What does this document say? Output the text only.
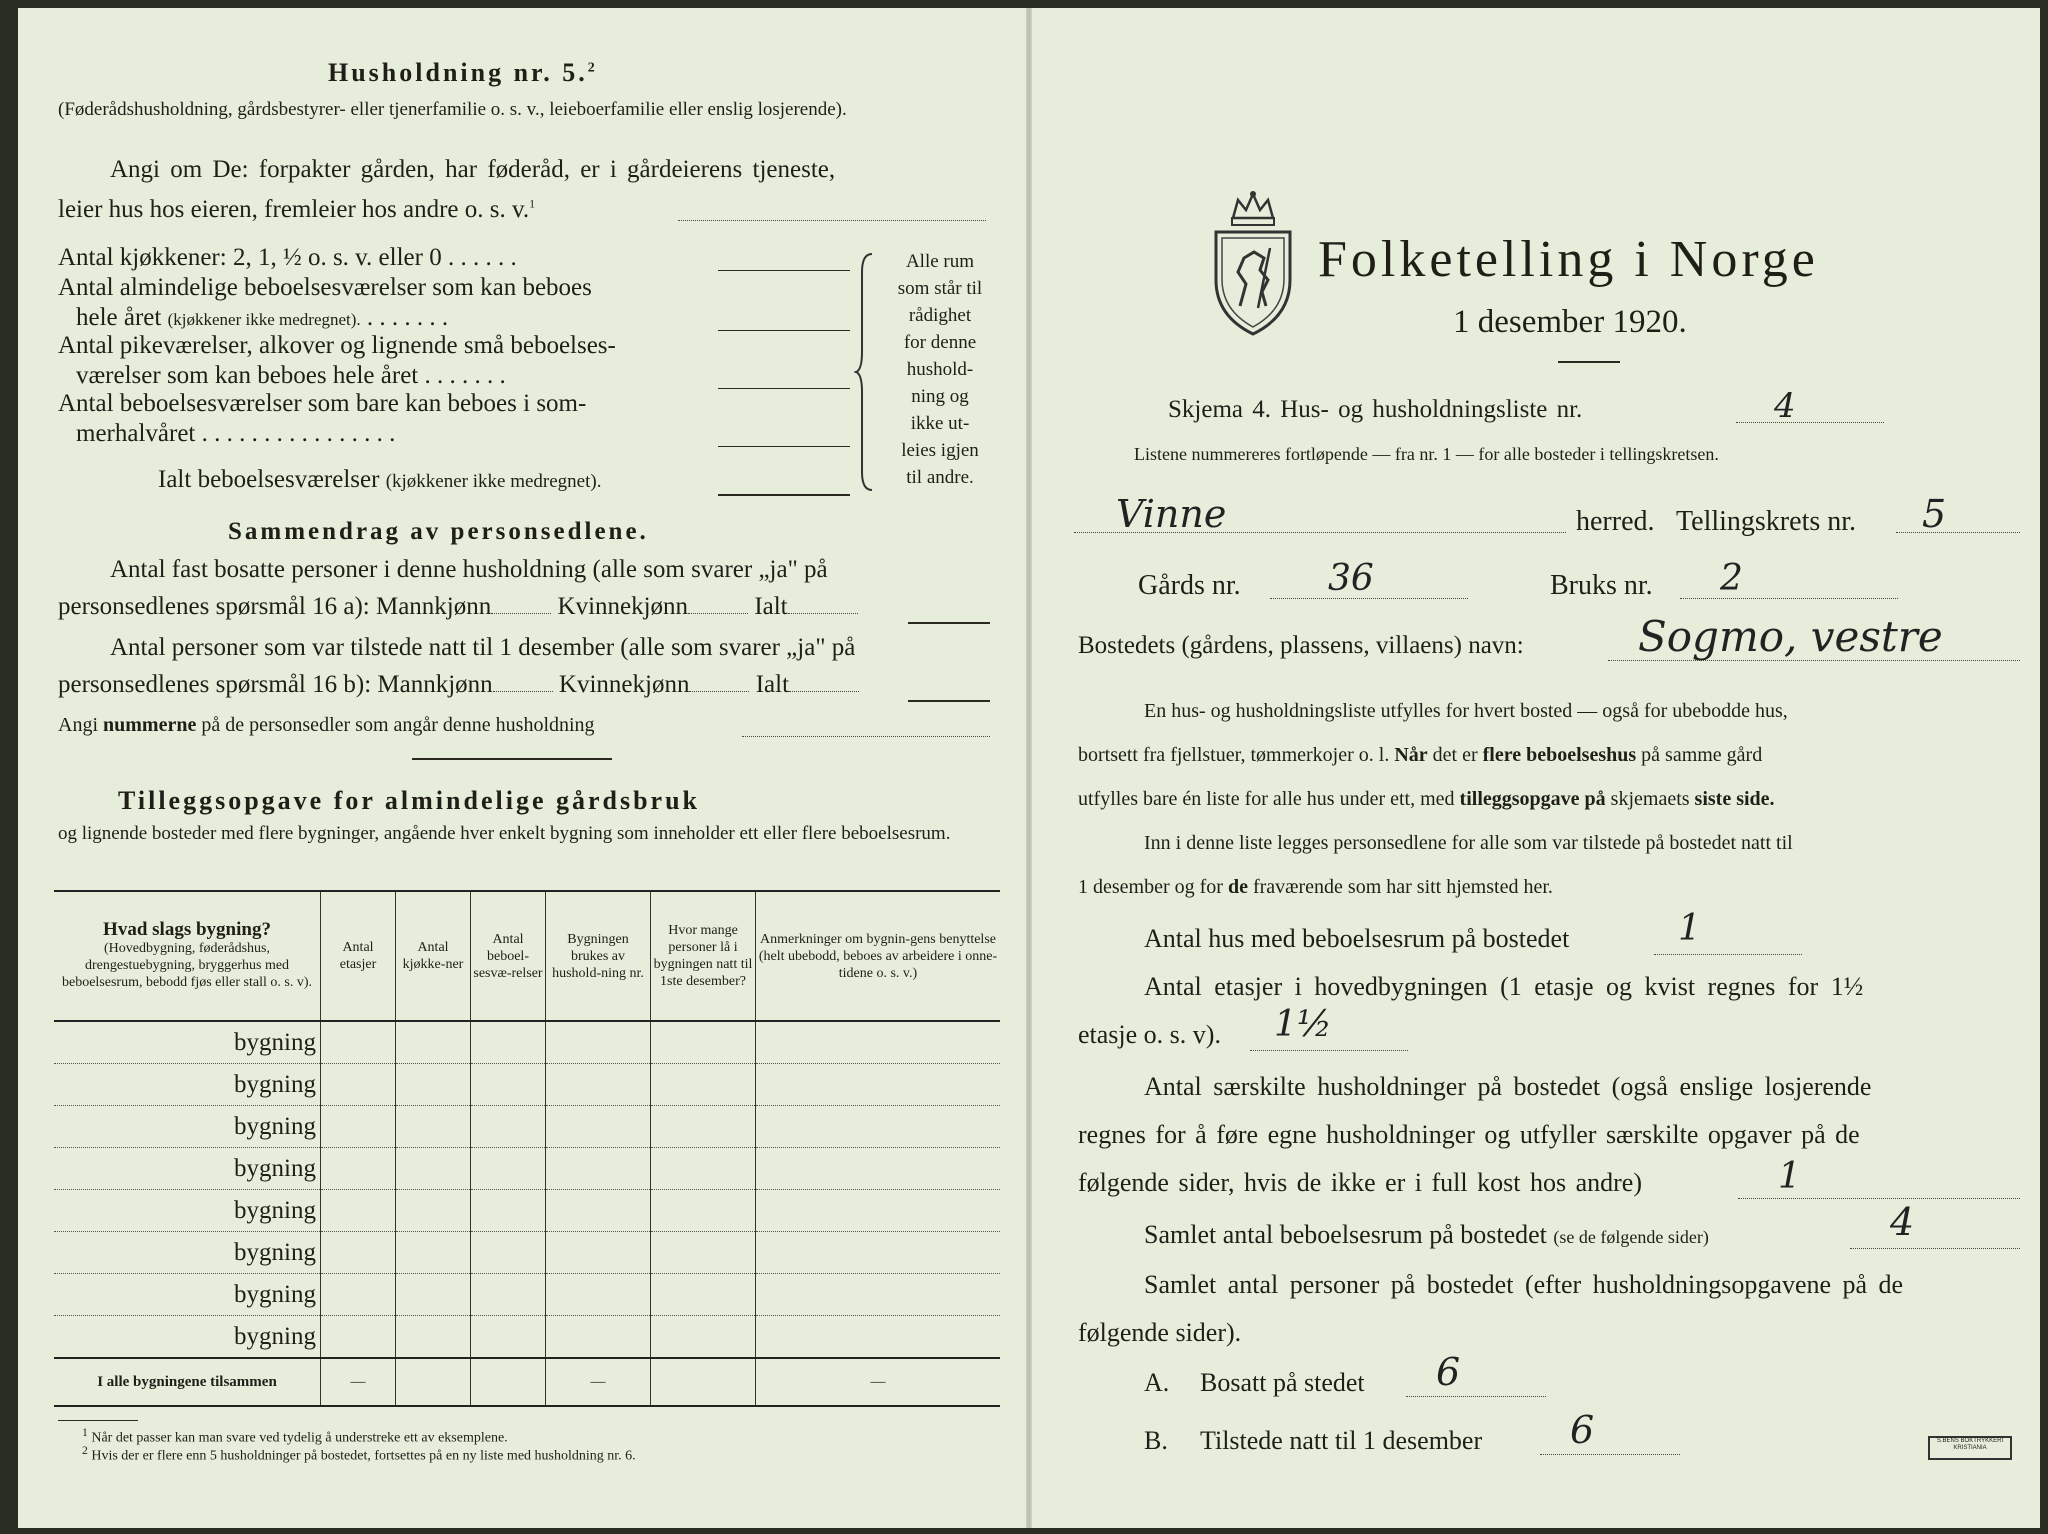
Husholdning nr. 5.$^2$
(Føderådshusholdning, gårdsbestyrer- eller tjenerfamilie o. s. v., leieboerfamilie eller enslig losjerende).
Angi om De: forpakter gården, har føderåd, er i gårdeierens tjeneste,
leier hus hos eieren, fremleier hos andre o. s. v.$^1$
Antal kjøkkener: 2, 1, ½ o. s. v. eller 0 . . . . . .
Antal almindelige beboelsesværelser som kan beboes
hele året (kjøkkener ikke medregnet). . . . . . . .
Antal pikeværelser, alkover og lignende små beboelses-
værelser som kan beboes hele året . . . . . . .
Antal beboelsesværelser som bare kan beboes i som-
merhalvåret . . . . . . . . . . . . . . . .
Ialt beboelsesværelser (kjøkkener ikke medregnet).
Alle rum
som står til
rådighet
for denne
hushold-
ning og
ikke ut-
leies igjen
til andre.
Sammendrag av personsedlene.
Antal fast bosatte personer i denne husholdning (alle som svarer „ja" på
personsedlenes spørsmål 16 a): Mannkjønn	Kvinnekjønn	Ialt
Antal personer som var tilstede natt til 1 desember (alle som svarer „ja" på
personsedlenes spørsmål 16 b): Mannkjønn	Kvinnekjønn	Ialt
Angi nummerne på de personsedler som angår denne husholdning
Tilleggsopgave for almindelige gårdsbruk
og lignende bosteder med flere bygninger, angående hver enkelt bygning som inneholder ett eller flere beboelsesrum.
Hvad slags bygning?
(Hovedbygning, føderådshus, drengestuebygning, bryggerhus med beboelsesrum, bebodd fjøs eller stall o. s. v).	Antal etasjer	Antal kjøkke-ner	Antal beboel-sesvæ-relser	Bygningen brukes av hushold-ning nr.	Hvor mange personer lå i bygningen natt til 1ste desember?	Anmerkninger om bygnin-gens benyttelse (helt ubebodd, beboes av arbeidere i onne-tidene o. s. v.)
bygning						
bygning						
bygning						
bygning						
bygning						
bygning						
bygning						
bygning						
I alle bygningene tilsammen	—			—		—
$^1$ Når det passer kan man svare ved tydelig å understreke ett av eksemplene.
$^2$ Hvis der er flere enn 5 husholdninger på bostedet, fortsettes på en ny liste med husholdning nr. 6.
Folketelling i Norge
1 desember 1920.
Skjema 4. Hus- og husholdningsliste nr.	4
Listene nummereres fortløpende — fra nr. 1 — for alle bosteder i tellingskretsen.
Vinne	herred. Tellingskrets nr. 5
Gårds nr. 36	Bruks nr. 2
Bostedets (gårdens, plassens, villaens) navn:	Sogmo, vestre
En hus- og husholdningsliste utfylles for hvert bosted — også for ubebodde hus,
bortsett fra fjellstuer, tømmerkojer o. l. Når det er flere beboelseshus på samme gård
utfylles bare én liste for alle hus under ett, med tilleggsopgave på skjemaets siste side.
Inn i denne liste legges personsedlene for alle som var tilstede på bostedet natt til
1 desember og for de fraværende som har sitt hjemsted her.
Antal hus med beboelsesrum på bostedet	1
Antal etasjer i hovedbygningen (1 etasje og kvist regnes for 1½
etasje o. s. v). 1½
Antal særskilte husholdninger på bostedet (også enslige losjerende
regnes for å føre egne husholdninger og utfyller særskilte opgaver på de
følgende sider, hvis de ikke er i full kost hos andre)	1
Samlet antal beboelsesrum på bostedet (se de følgende sider)	4
Samlet antal personer på bostedet (efter husholdningsopgavene på de
følgende sider).
A. Bosatt på stedet 6
B. Tilstede natt til 1 desember 6	S.BENS BOKTRYKKERI KRISTIANIA
